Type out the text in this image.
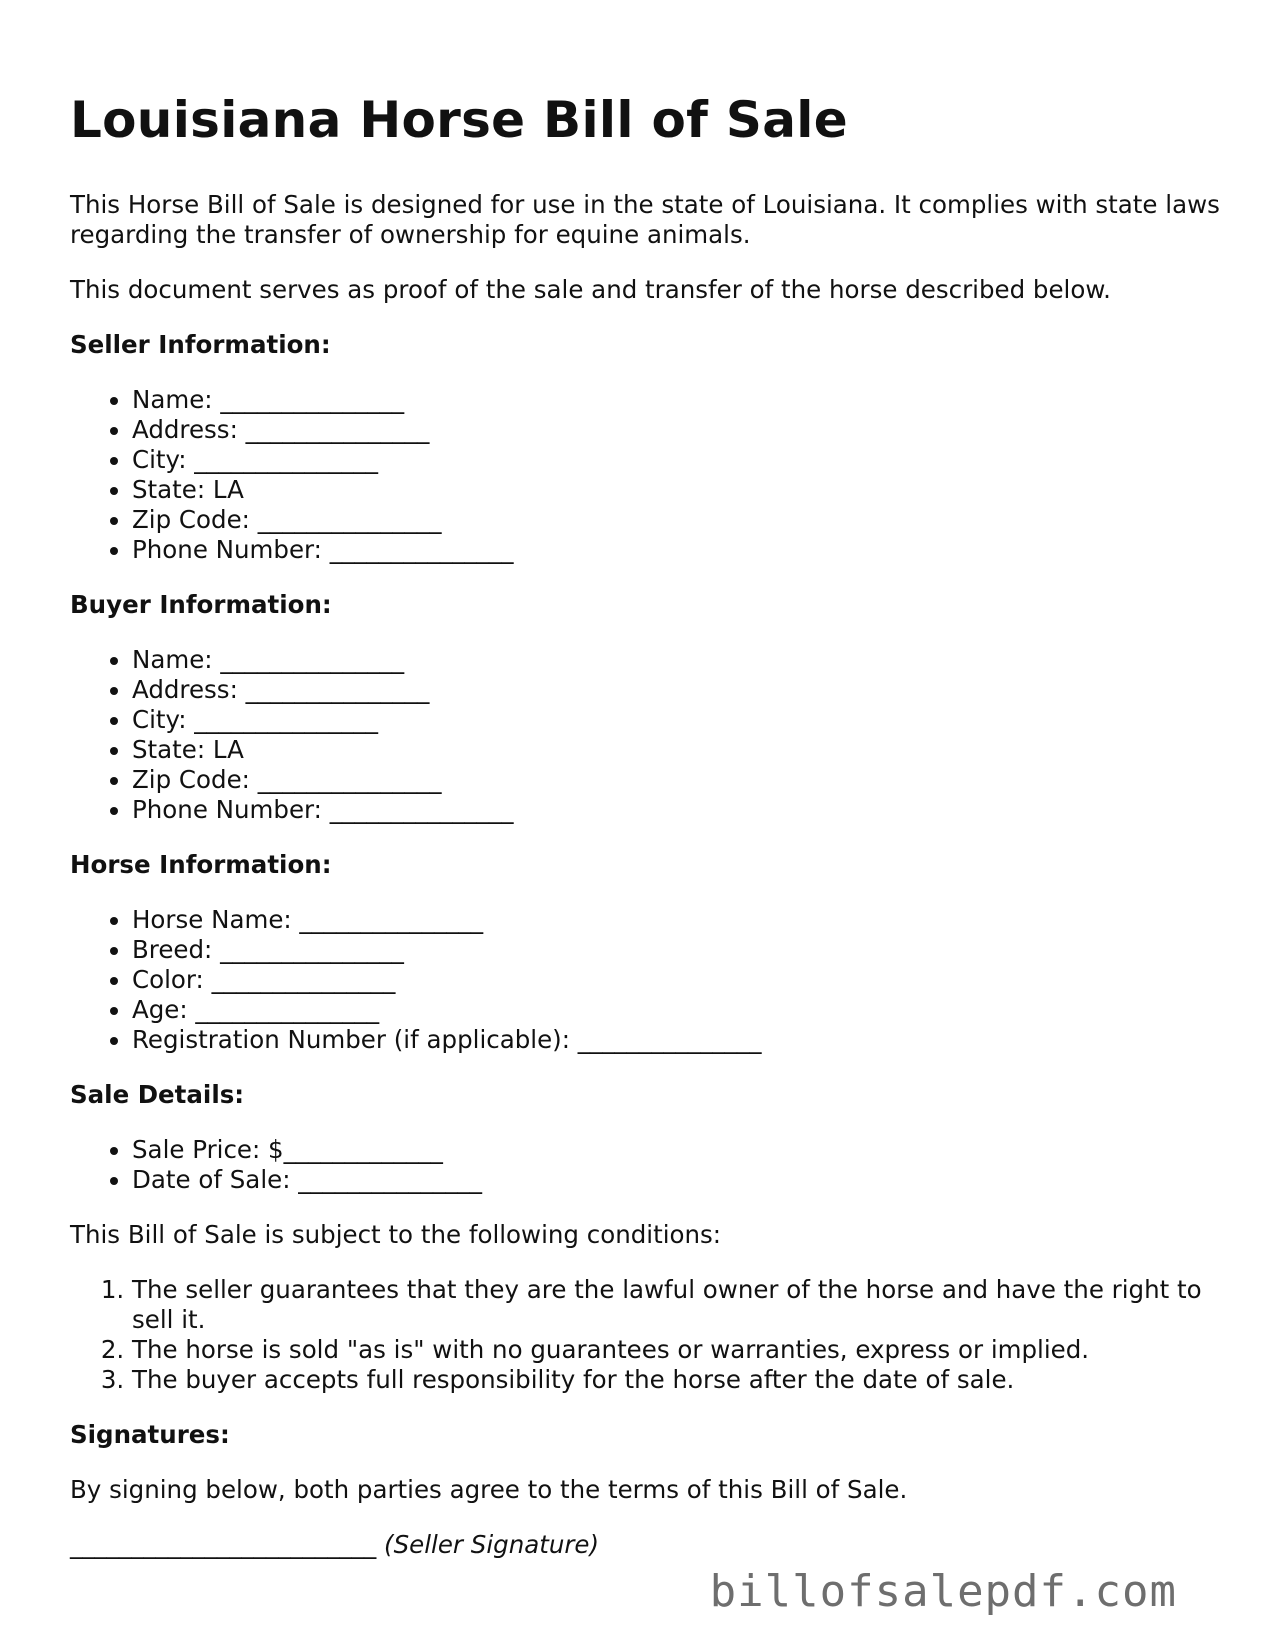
Louisiana Horse Bill of Sale

This Horse Bill of Sale is designed for use in the state of Louisiana. It complies with state laws regarding the transfer of ownership for equine animals.

This document serves as proof of the sale and transfer of the horse described below.

Seller Information:
• Name: _______________
• Address: _______________
• City: _______________
• State: LA
• Zip Code: _______________
• Phone Number: _______________
Buyer Information:
• Name: _______________
• Address: _______________
• City: _______________
• State: LA
• Zip Code: _______________
• Phone Number: _______________
Horse Information:
• Horse Name: _______________
• Breed: _______________
• Color: _______________
• Age: _______________
• Registration Number (if applicable): _______________
Sale Details:
• Sale Price: $_____________
• Date of Sale: _______________

This Bill of Sale is subject to the following conditions:

1. The seller guarantees that they are the lawful owner of the horse and have the right to sell it.
2. The horse is sold "as is" with no guarantees or warranties, express or implied.
3. The buyer accepts full responsibility for the horse after the date of sale.
Signatures:

By signing below, both parties agree to the terms of this Bill of Sale.

_________________________ (Seller Signature)
billofsalepdf.com
